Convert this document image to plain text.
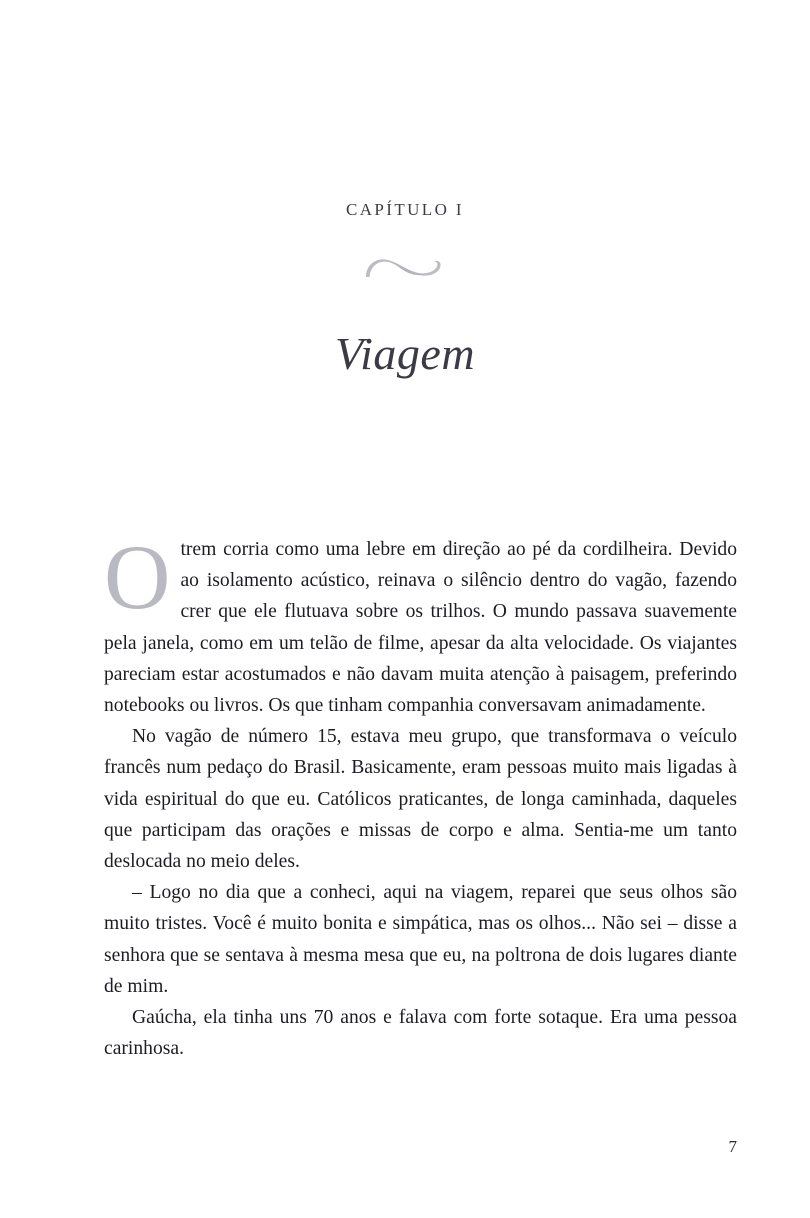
CAPÍTULO I
Viagem

Otrem corria como uma lebre em direção ao pé da cordilheira. Devido ao isolamento acústico, reinava o silêncio dentro do vagão, fazendo crer que ele flutuava sobre os trilhos. O mundo passava suavemente pela janela, como em um telão de filme, apesar da alta velocidade. Os viajantes pareciam estar acostumados e não davam muita atenção à paisagem, preferindo notebooks ou livros. Os que tinham companhia conversavam animadamente.

No vagão de número 15, estava meu grupo, que transformava o veículo francês num pedaço do Brasil. Basicamente, eram pessoas muito mais ligadas à vida espiritual do que eu. Católicos praticantes, de longa caminhada, daqueles que participam das orações e missas de corpo e alma. Sentia-me um tanto deslocada no meio deles.

– Logo no dia que a conheci, aqui na viagem, reparei que seus olhos são muito tristes. Você é muito bonita e simpática, mas os olhos... Não sei – disse a senhora que se sentava à mesma mesa que eu, na poltrona de dois lugares diante de mim.

Gaúcha, ela tinha uns 70 anos e falava com forte sotaque. Era uma pessoa carinhosa.

7
